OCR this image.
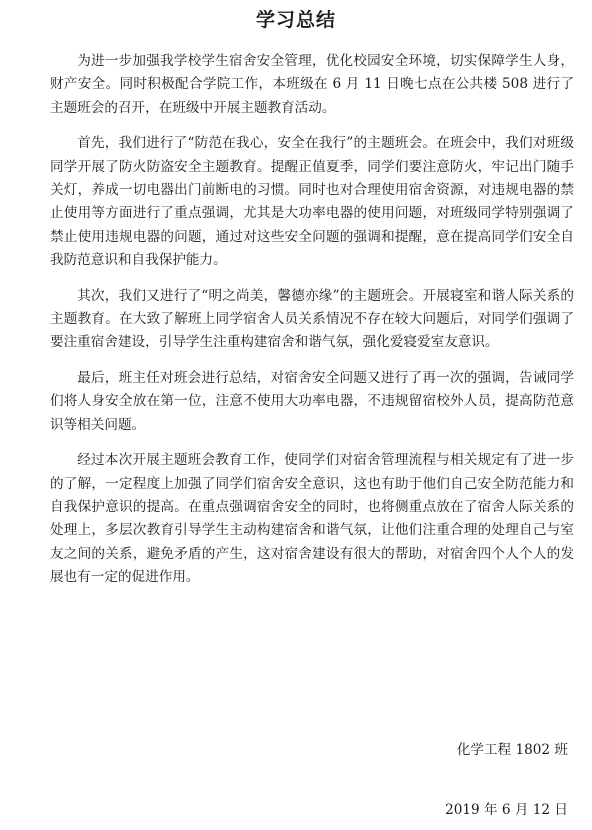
学习总结

为进一步加强我学校学生宿舍安全管理，优化校园安全环境，切实保障学生人身，财产安全。同时积极配合学院工作，本班级在 6 月 11 日晚七点在公共楼 508 进行了主题班会的召开，在班级中开展主题教育活动。

首先，我们进行了“防范在我心，安全在我行”的主题班会。在班会中，我们对班级同学开展了防火防盗安全主题教育。提醒正值夏季，同学们要注意防火，牢记出门随手关灯，养成一切电器出门前断电的习惯。同时也对合理使用宿舍资源，对违规电器的禁止使用等方面进行了重点强调，尤其是大功率电器的使用问题，对班级同学特别强调了禁止使用违规电器的问题，通过对这些安全问题的强调和提醒，意在提高同学们安全自我防范意识和自我保护能力。

其次，我们又进行了“明之尚美，馨德亦缘”的主题班会。开展寝室和谐人际关系的主题教育。在大致了解班上同学宿舍人员关系情况不存在较大问题后，对同学们强调了要注重宿舍建设，引导学生注重构建宿舍和谐气氛，强化爱寝爱室友意识。

最后，班主任对班会进行总结，对宿舍安全问题又进行了再一次的强调，告诫同学们将人身安全放在第一位，注意不使用大功率电器，不违规留宿校外人员，提高防范意识等相关问题。

经过本次开展主题班会教育工作，使同学们对宿舍管理流程与相关规定有了进一步的了解，一定程度上加强了同学们宿舍安全意识，这也有助于他们自己安全防范能力和自我保护意识的提高。在重点强调宿舍安全的同时，也将侧重点放在了宿舍人际关系的处理上，多层次教育引导学生主动构建宿舍和谐气氛，让他们注重合理的处理自己与室友之间的关系，避免矛盾的产生，这对宿舍建设有很大的帮助，对宿舍四个人个人的发展也有一定的促进作用。

化学工程 1802 班
2019 年 6 月 12 日
